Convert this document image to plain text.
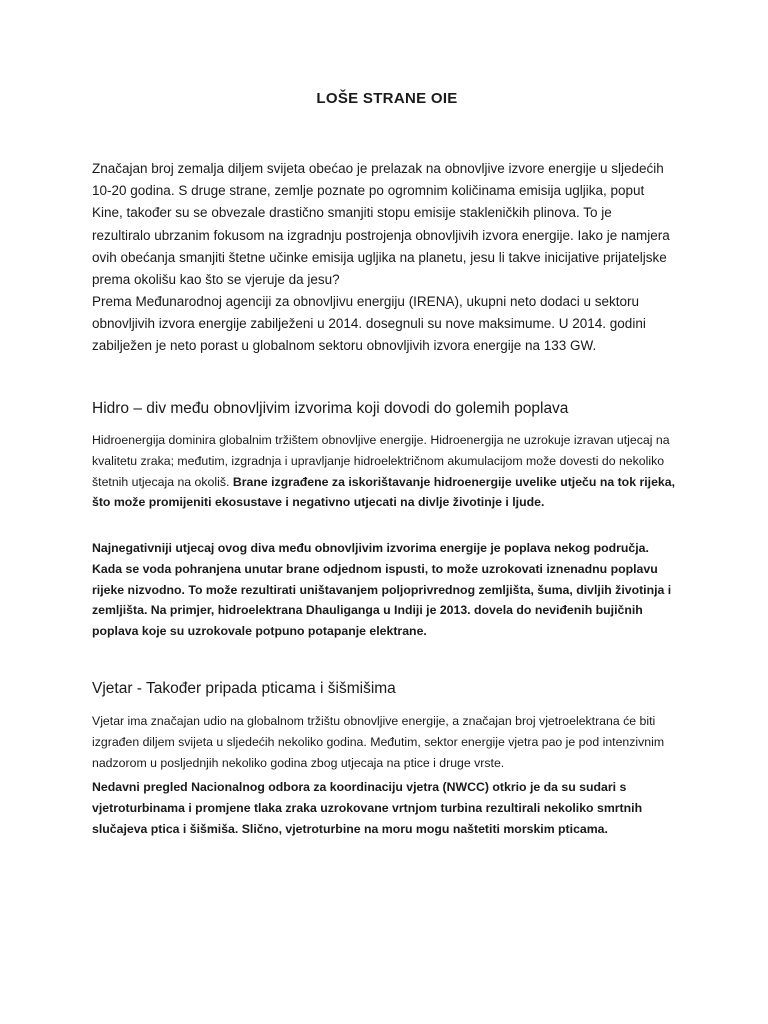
LOŠE STRANE OIE

Značajan broj zemalja diljem svijeta obećao je prelazak na obnovljive izvore energije u sljedećih 10-20 godina. S druge strane, zemlje poznate po ogromnim količinama emisija ugljika, poput Kine, također su se obvezale drastično smanjiti stopu emisije stakleničkih plinova. To je rezultiralo ubrzanim fokusom na izgradnju postrojenja obnovljivih izvora energije. Iako je namjera ovih obećanja smanjiti štetne učinke emisija ugljika na planetu, jesu li takve inicijative prijateljske prema okolišu kao što se vjeruje da jesu?

Prema Međunarodnoj agenciji za obnovljivu energiju (IRENA), ukupni neto dodaci u sektoru obnovljivih izvora energije zabilježeni u 2014. dosegnuli su nove maksimume. U 2014. godini zabilježen je neto porast u globalnom sektoru obnovljivih izvora energije na 133 GW.

Hidro – div među obnovljivim izvorima koji dovodi do golemih poplava

Hidroenergija dominira globalnim tržištem obnovljive energije. Hidroenergija ne uzrokuje izravan utjecaj na kvalitetu zraka; međutim, izgradnja i upravljanje hidroelektričnom akumulacijom može dovesti do nekoliko štetnih utjecaja na okoliš. Brane izgrađene za iskorištavanje hidroenergije uvelike utječu na tok rijeka, što može promijeniti ekosustave i negativno utjecati na divlje životinje i ljude.

Najnegativniji utjecaj ovog diva među obnovljivim izvorima energije je poplava nekog područja. Kada se voda pohranjena unutar brane odjednom ispusti, to može uzrokovati iznenadnu poplavu rijeke nizvodno. To može rezultirati uništavanjem poljoprivrednog zemljišta, šuma, divljih životinja i zemljišta. Na primjer, hidroelektrana Dhauliganga u Indiji je 2013. dovela do neviđenih bujičnih poplava koje su uzrokovale potpuno potapanje elektrane.

Vjetar - Također pripada pticama i šišmišima

Vjetar ima značajan udio na globalnom tržištu obnovljive energije, a značajan broj vjetroelektrana će biti izgrađen diljem svijeta u sljedećih nekoliko godina. Međutim, sektor energije vjetra pao je pod intenzivnim nadzorom u posljednjih nekoliko godina zbog utjecaja na ptice i druge vrste.

Nedavni pregled Nacionalnog odbora za koordinaciju vjetra (NWCC) otkrio je da su sudari s vjetroturbinama i promjene tlaka zraka uzrokovane vrtnjom turbina rezultirali nekoliko smrtnih slučajeva ptica i šišmiša. Slično, vjetroturbine na moru mogu naštetiti morskim pticama.
